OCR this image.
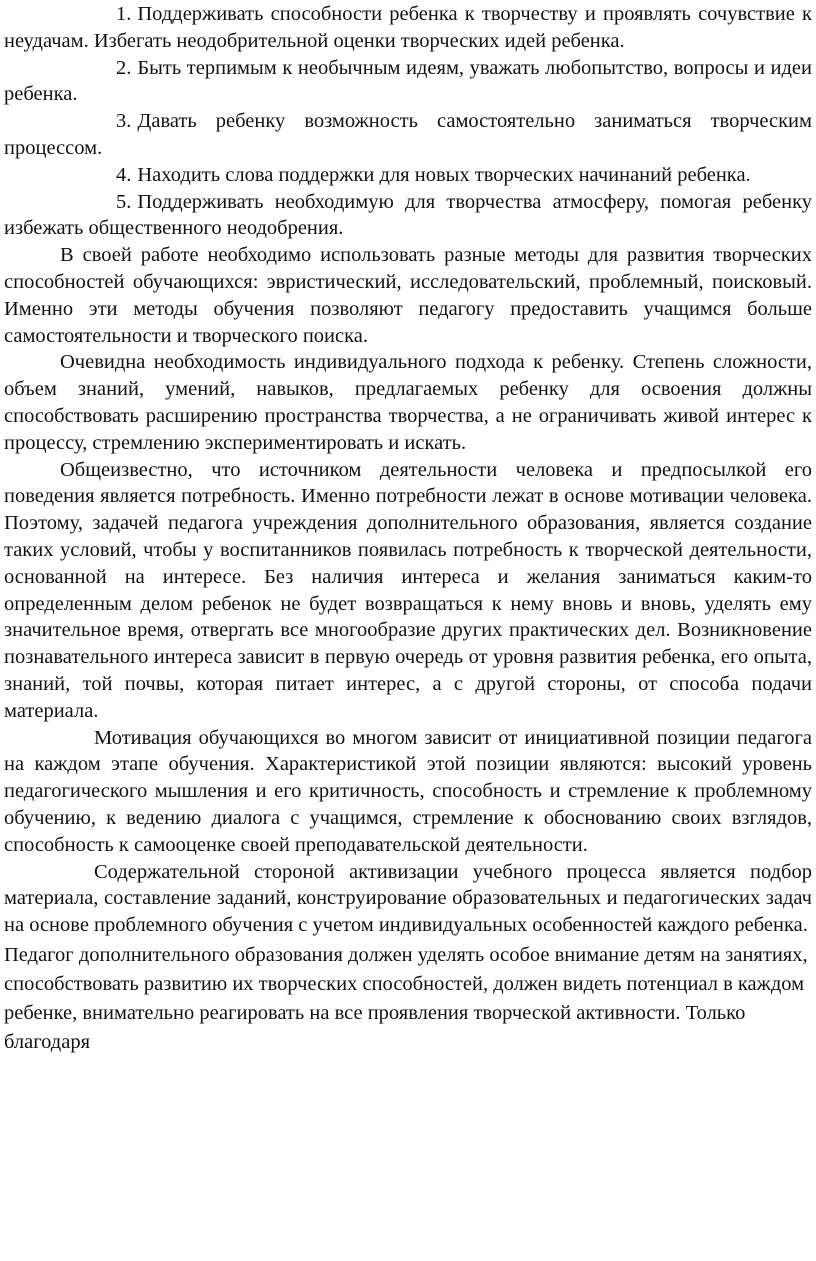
1. Поддерживать способности ребенка к творчеству и проявлять сочувствие к неудачам. Избегать неодобрительной оценки творческих идей ребенка.

2. Быть терпимым к необычным идеям, уважать любопытство, вопросы и идеи ребенка.

3. Давать ребенку возможность самостоятельно заниматься творческим процессом.

4. Находить слова поддержки для новых творческих начинаний ребенка.

5. Поддерживать необходимую для творчества атмосферу, помогая ребенку избежать общественного неодобрения.

В своей работе необходимо использовать разные методы для развития творческих способностей обучающихся: эвристический, исследовательский, проблемный, поисковый. Именно эти методы обучения позволяют педагогу предоставить учащимся больше самостоятельности и творческого поиска.

Очевидна необходимость индивидуального подхода к ребенку. Степень сложности, объем знаний, умений, навыков, предлагаемых ребенку для освоения должны способствовать расширению пространства творчества, а не ограничивать живой интерес к процессу, стремлению экспериментировать и искать.

Общеизвестно, что источником деятельности человека и предпосылкой его поведения является потребность. Именно потребности лежат в основе мотивации человека. Поэтому, задачей педагога учреждения дополнительного образования, является создание таких условий, чтобы у воспитанников появилась потребность к творческой деятельности, основанной на интересе. Без наличия интереса и желания заниматься каким-то определенным делом ребенок не будет возвращаться к нему вновь и вновь, уделять ему значительное время, отвергать все многообразие других практических дел. Возникновение познавательного интереса зависит в первую очередь от уровня развития ребенка, его опыта, знаний, той почвы, которая питает интерес, а с другой стороны, от способа подачи материала.

Мотивация обучающихся во многом зависит от инициативной позиции педагога на каждом этапе обучения. Характеристикой этой позиции являются: высокий уровень педагогического мышления и его критичность, способность и стремление к проблемному обучению, к ведению диалога с учащимся, стремление к обоснованию своих взглядов, способность к самооценке своей преподавательской деятельности.

Содержательной стороной активизации учебного процесса является подбор материала, составление заданий, конструирование образовательных и педагогических задач на основе проблемного обучения с учетом индивидуальных особенностей каждого ребенка.

Педагог дополнительного образования должен уделять особое внимание детям на занятиях, способствовать развитию их творческих способностей, должен видеть потенциал в каждом ребенке, внимательно реагировать на все проявления творческой активности. Только благодаря
